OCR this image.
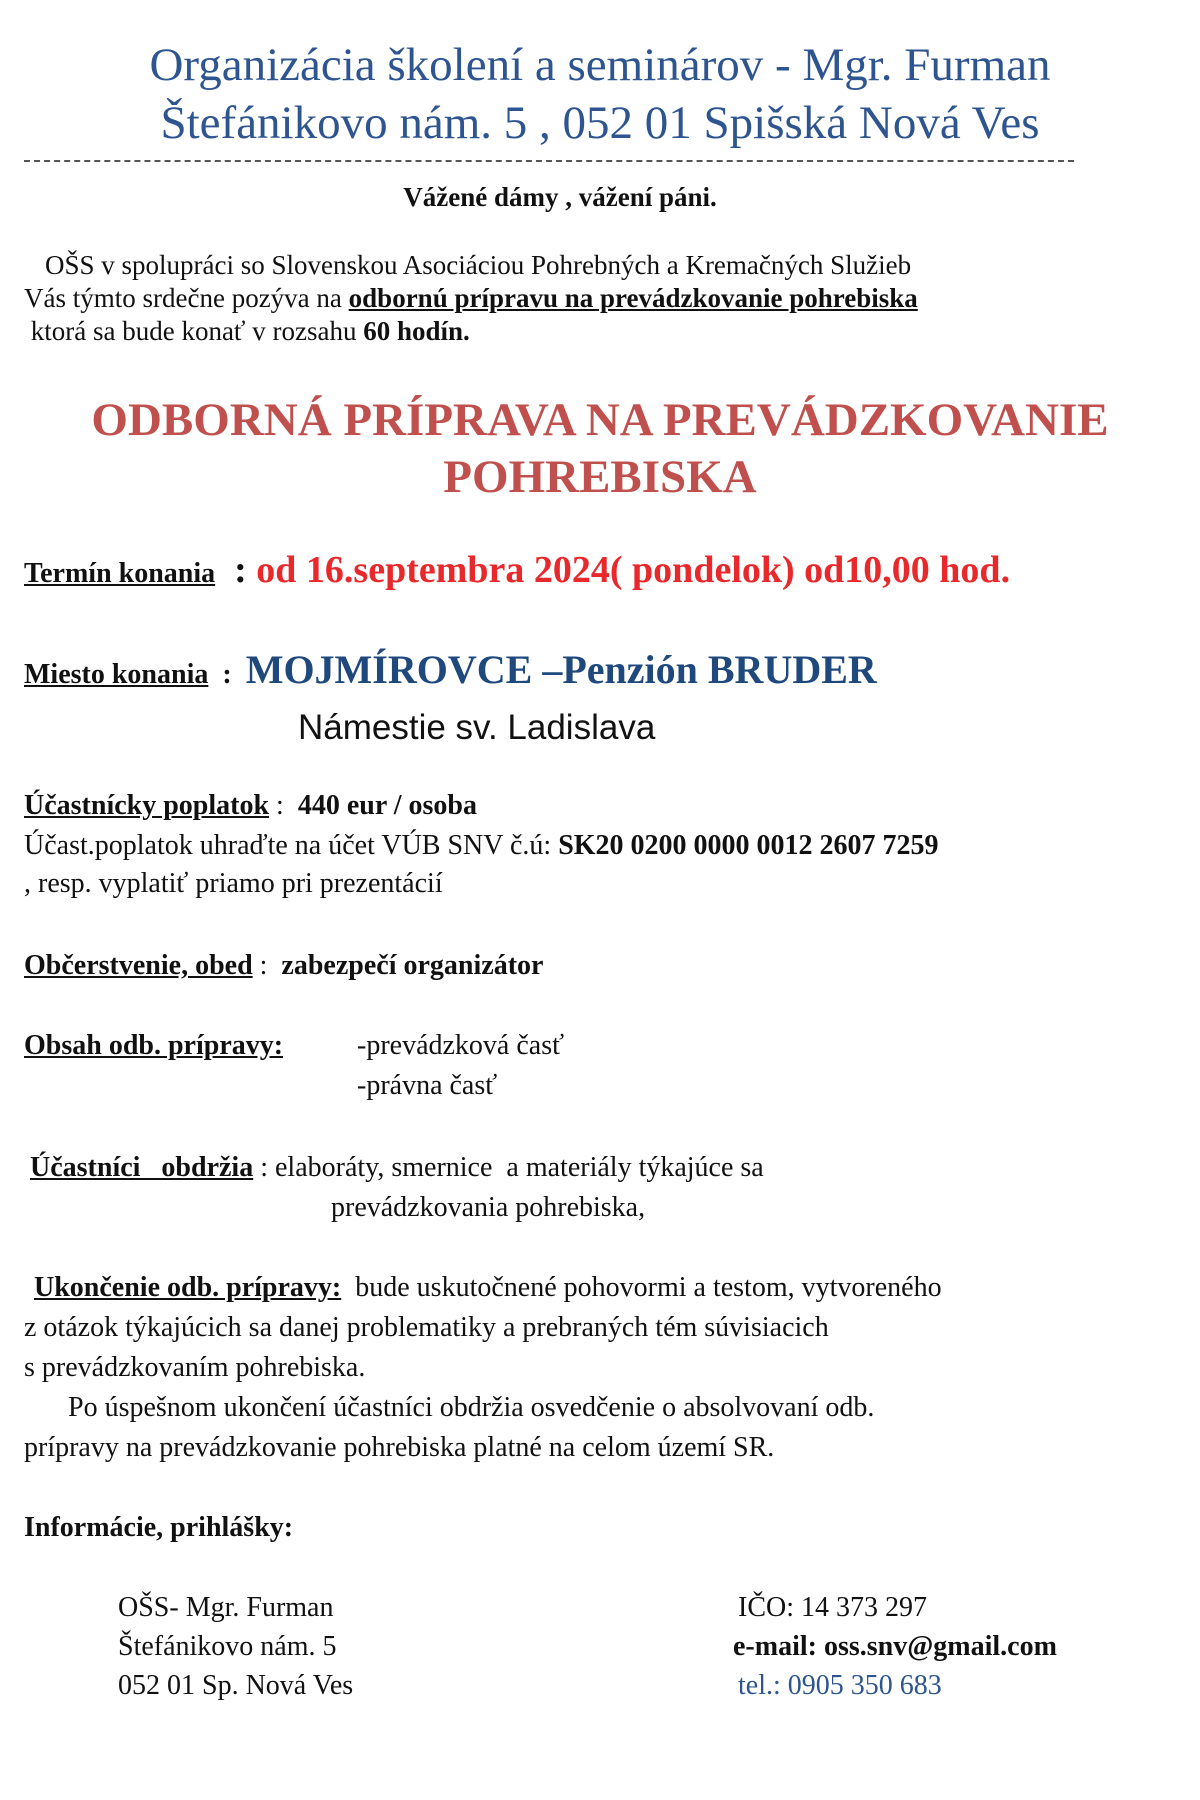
Organizácia školení a seminárov - Mgr. Furman
Štefánikovo nám. 5 , 052 01 Spišská Nová Ves
Vážené dámy , vážení páni.
OŠS v spolupráci so Slovenskou Asociáciou Pohrebných a Kremačných Služieb
Vás týmto srdečne pozýva na odbornú prípravu na prevádzkovanie pohrebiska
ktorá sa bude konať v rozsahu 60 hodín.
ODBORNÁ PRÍPRAVA NA PREVÁDZKOVANIE
POHREBISKA
Termín konania  : od 16.septembra 2024( pondelok) od10,00 hod.
Miesto konania  :  MOJMÍROVCE –Penzión BRUDER
Námestie sv. Ladislava
Účastnícky poplatok :  440 eur / osoba
Účast.poplatok uhraďte na účet VÚB SNV č.ú: SK20 0200 0000 0012 2607 7259
, resp. vyplatiť priamo pri prezentácií
Občerstvenie, obed :  zabezpečí organizátor
Obsah odb. prípravy:	-prevádzková časť
-právna časť
Účastníci   obdržia : elaboráty, smernice  a materiály týkajúce sa
prevádzkovania pohrebiska,
Ukončenie odb. prípravy:  bude uskutočnené pohovormi a testom, vytvoreného
z otázok týkajúcich sa danej problematiky a prebraných tém súvisiacich
s prevádzkovaním pohrebiska.
Po úspešnom ukončení účastníci obdržia osvedčenie o absolvovaní odb.
prípravy na prevádzkovanie pohrebiska platné na celom území SR.
Informácie, prihlášky:
OŠS- Mgr. Furman
Štefánikovo nám. 5
052 01 Sp. Nová Ves
IČO: 14 373 297
e-mail: oss.snv@gmail.com
tel.: 0905 350 683
